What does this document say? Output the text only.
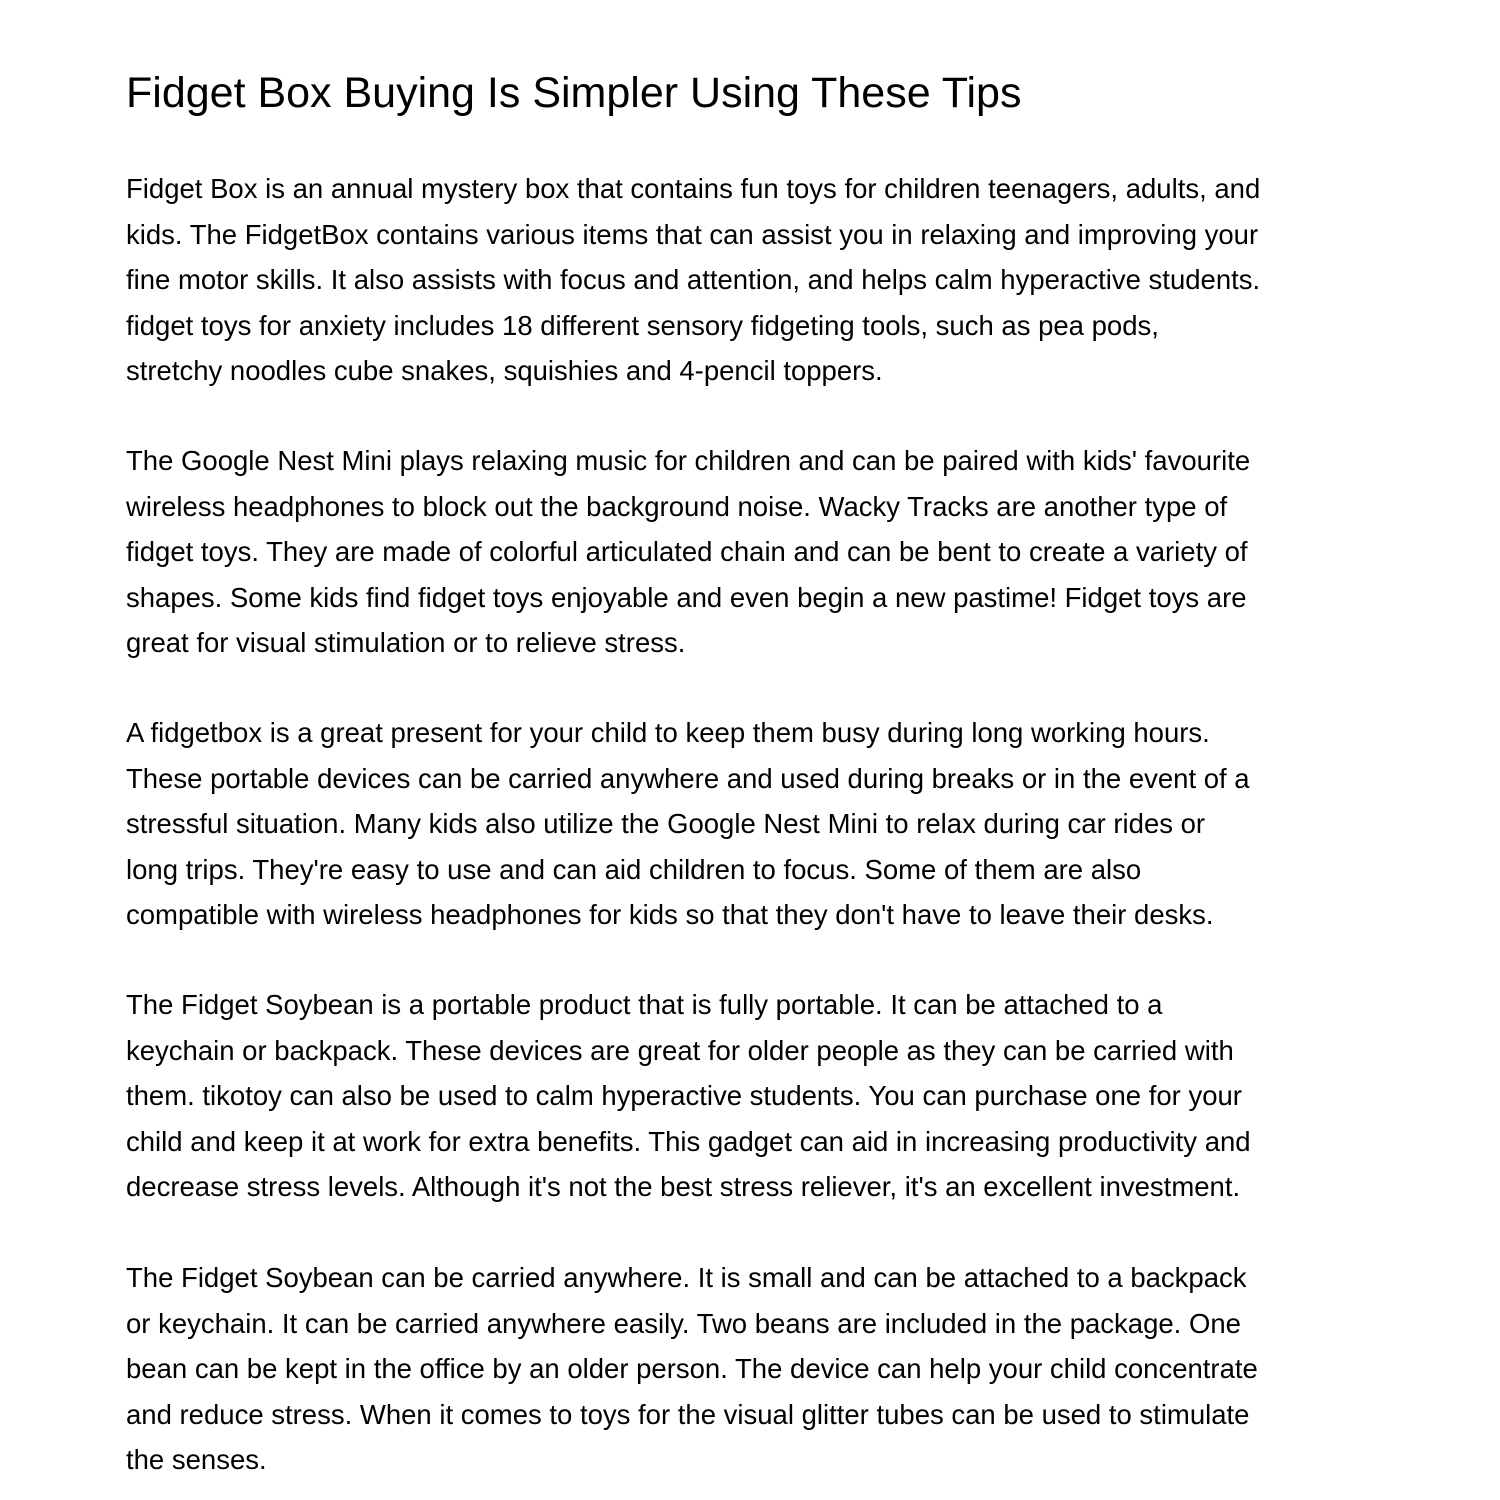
Fidget Box Buying Is Simpler Using These Tips

Fidget Box is an annual mystery box that contains fun toys for children teenagers, adults, and
kids. The FidgetBox contains various items that can assist you in relaxing and improving your
fine motor skills. It also assists with focus and attention, and helps calm hyperactive students.
fidget toys for anxiety includes 18 different sensory fidgeting tools, such as pea pods,
stretchy noodles cube snakes, squishies and 4-pencil toppers.

The Google Nest Mini plays relaxing music for children and can be paired with kids' favourite
wireless headphones to block out the background noise. Wacky Tracks are another type of
fidget toys. They are made of colorful articulated chain and can be bent to create a variety of
shapes. Some kids find fidget toys enjoyable and even begin a new pastime! Fidget toys are
great for visual stimulation or to relieve stress.

A fidgetbox is a great present for your child to keep them busy during long working hours.
These portable devices can be carried anywhere and used during breaks or in the event of a
stressful situation. Many kids also utilize the Google Nest Mini to relax during car rides or
long trips. They're easy to use and can aid children to focus. Some of them are also
compatible with wireless headphones for kids so that they don't have to leave their desks.

The Fidget Soybean is a portable product that is fully portable. It can be attached to a
keychain or backpack. These devices are great for older people as they can be carried with
them. tikotoy can also be used to calm hyperactive students. You can purchase one for your
child and keep it at work for extra benefits. This gadget can aid in increasing productivity and
decrease stress levels. Although it's not the best stress reliever, it's an excellent investment.

The Fidget Soybean can be carried anywhere. It is small and can be attached to a backpack
or keychain. It can be carried anywhere easily. Two beans are included in the package. One
bean can be kept in the office by an older person. The device can help your child concentrate
and reduce stress. When it comes to toys for the visual glitter tubes can be used to stimulate
the senses.
